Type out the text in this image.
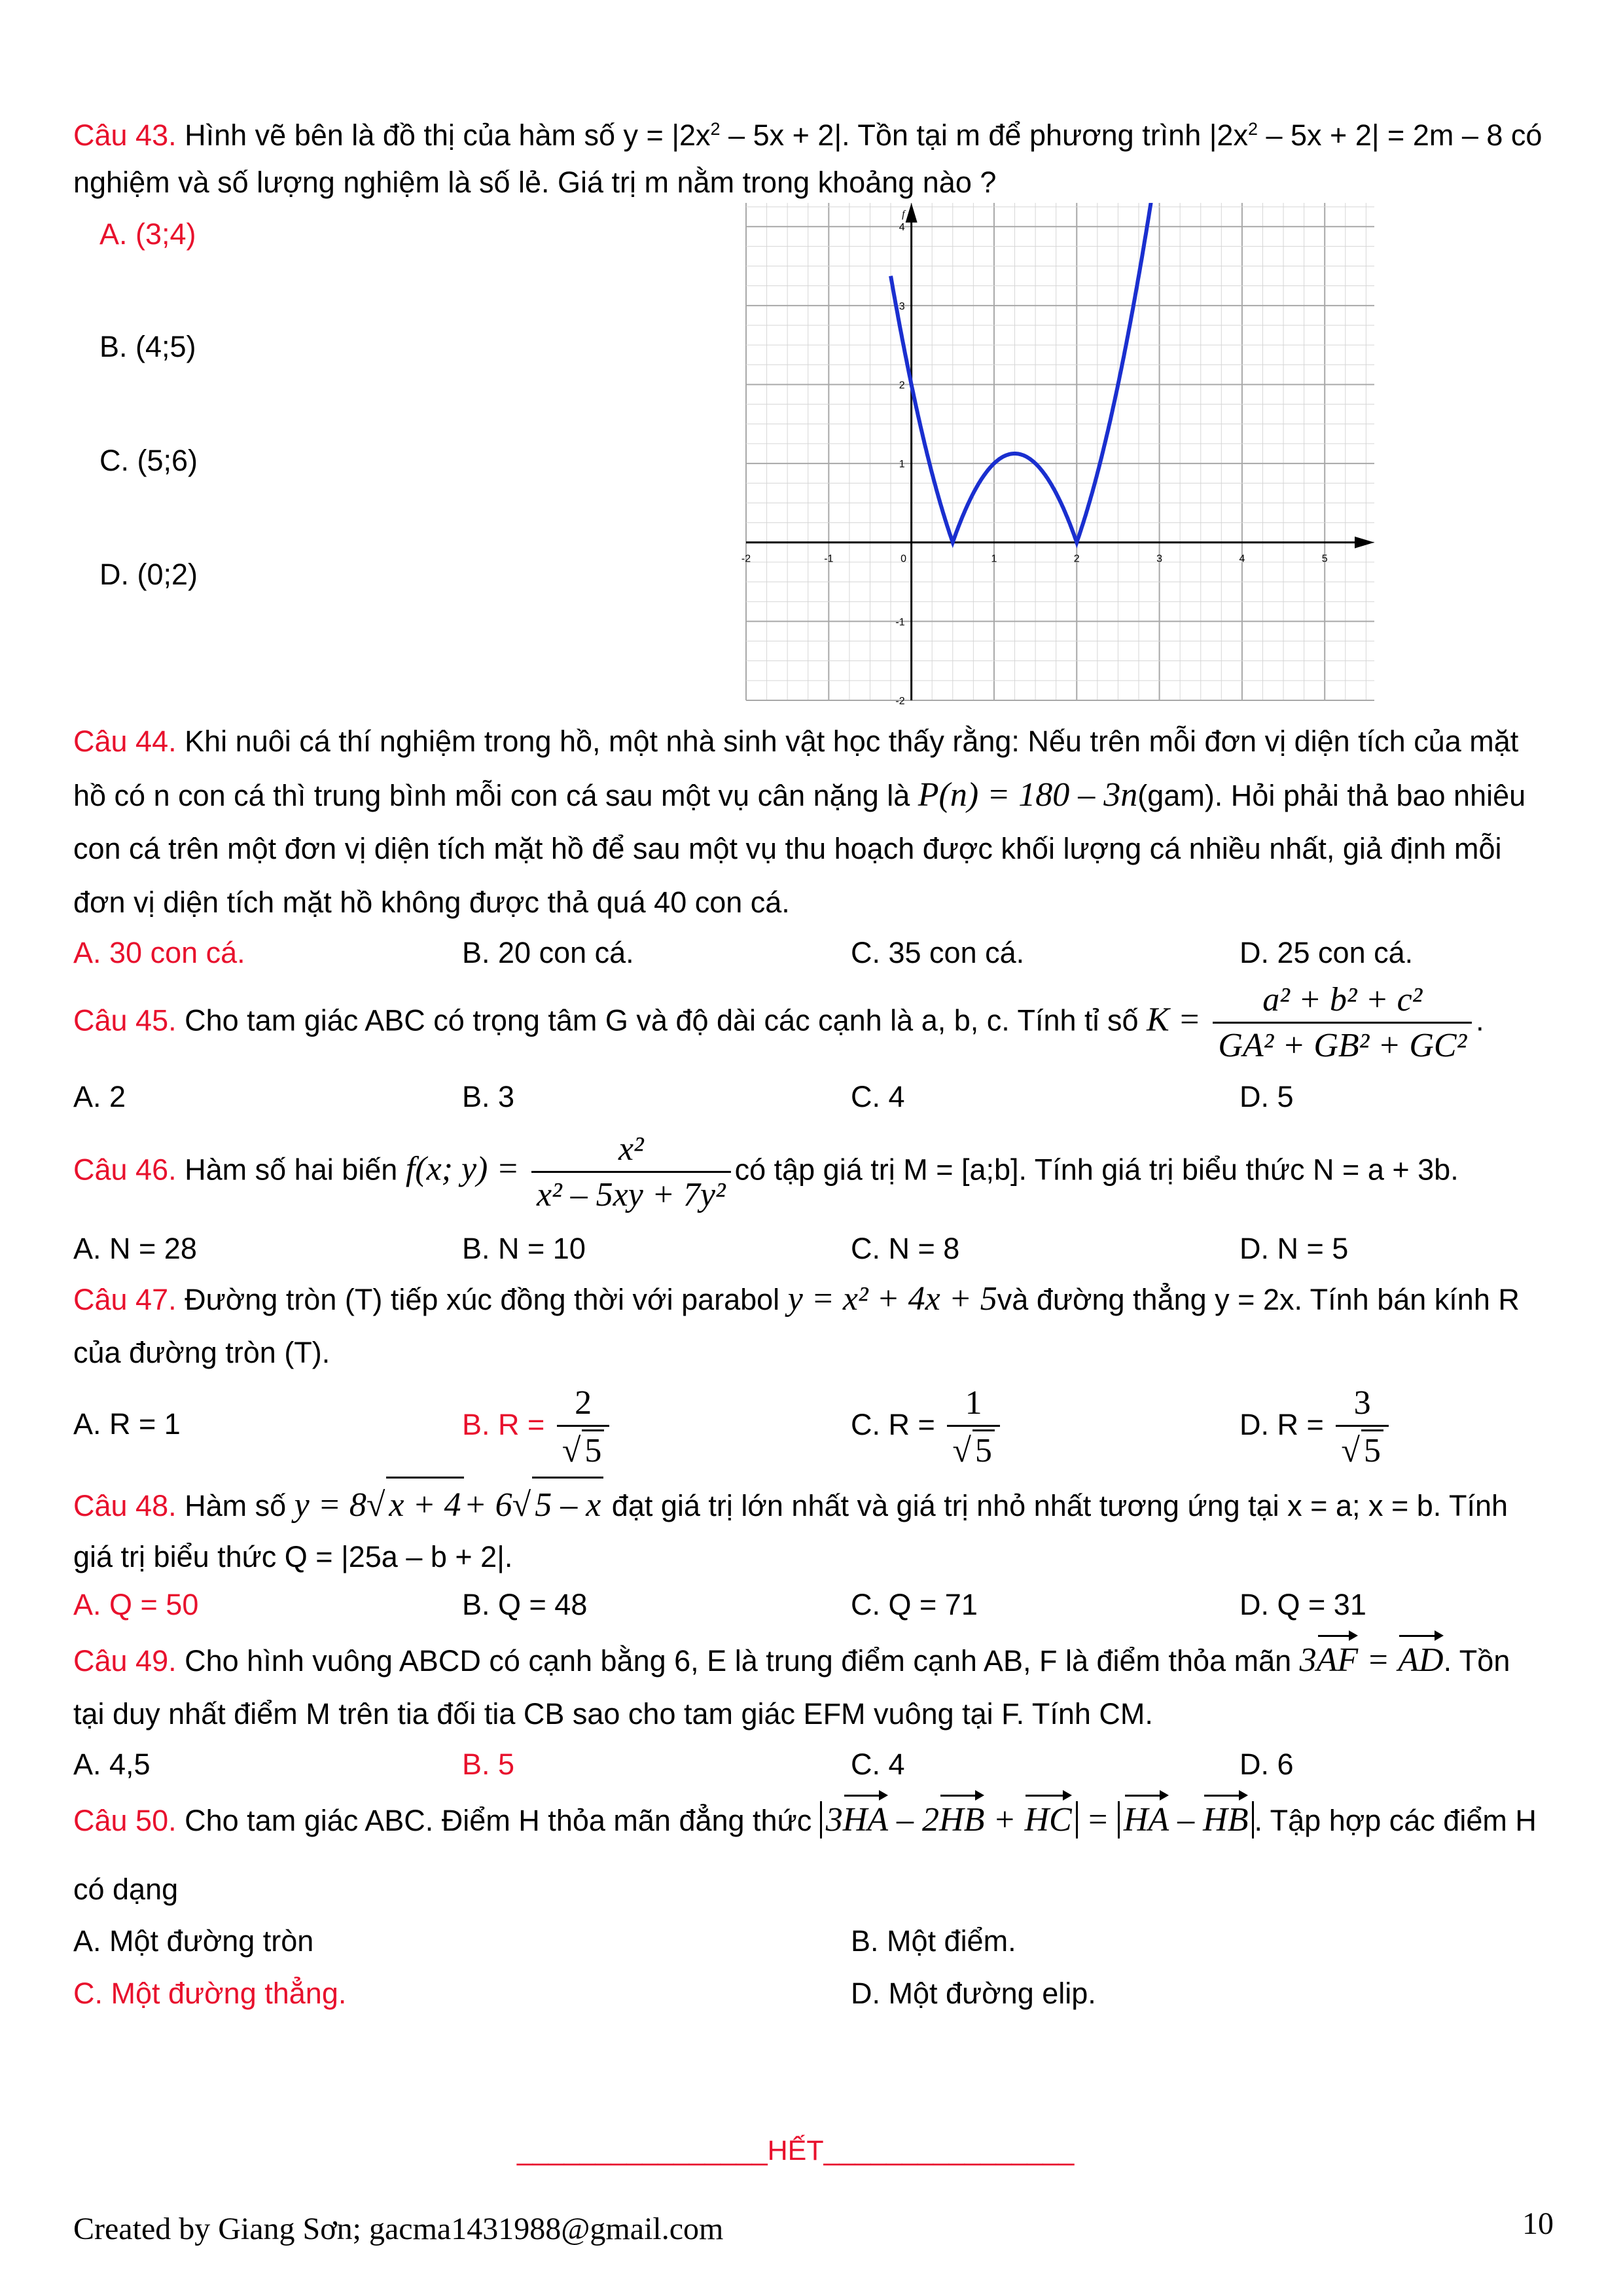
Câu 43. Hình vẽ bên là đồ thị của hàm số $y = |2x^2 - 5x + 2|$. Tồn tại m để phương trình $|2x^2 - 5x + 2| = 2m - 8$ có
nghiệm và số lượng nghiệm là số lẻ. Giá trị m nằm trong khoảng nào ?
A. (3;4)
B. (4;5)
C. (5;6)
D. (0;2)	-2	-1	0	1	2	3	4	5
4
3
2
1
-1
-2
f
Câu 44. Khi nuôi cá thí nghiệm trong hồ, một nhà sinh vật học thấy rằng: Nếu trên mỗi đơn vị diện tích của mặt
hồ có n con cá thì trung bình mỗi con cá sau một vụ cân nặng là P(n) = 180 – 3n(gam). Hỏi phải thả bao nhiêu
con cá trên một đơn vị diện tích mặt hồ để sau một vụ thu hoạch được khối lượng cá nhiều nhất, giả định mỗi
đơn vị diện tích mặt hồ không được thả quá 40 con cá.
A. 30 con cá.	B. 20 con cá.	C. 35 con cá.	D. 25 con cá.
Câu 45. Cho tam giác ABC có trọng tâm G và độ dài các cạnh là a, b, c. Tính tỉ số $K = \frac{\text{a² + b² + c²}}{\text{GA² + GB² + GC²}}$ .
A. 2	B. 3	C. 4	D. 5
Câu 46. Hàm số hai biến f(x; $y) = \frac{\text{x²}}{\text{x² – 5xy + 7y²}}$ có tập giá trị M = [a;b]. Tính giá trị biểu thức N = a + 3b.
A. N = 28	B. N = 10	C. N = 8	D. N = 5
Câu 47. Đường tròn (T) tiếp xúc đồng thời với parabol y = x² + 4x + 5và đường thẳng y = 2x. Tính bán kính R
của đường tròn (T).
A. R = 1	B. $R = \frac{2}{√ 5}$	C. $R = \frac{1}{√ 5}$	D. $R = \frac{3}{√ 5}$
Câu 48. Hàm số y = 8√ x + 4+ 6√ 5 – x đạt giá trị lớn nhất và giá trị nhỏ nhất tương ứng tại x = a; x = b. Tính
giá trị biểu thức Q = |25a – b + 2|.
A. Q = 50	B. Q = 48	C. Q = 71	D. Q = 31
Câu 49. Cho hình vuông ABCD có cạnh bằng 6, E là trung điểm cạnh AB, F là điểm thỏa mãn 3AF = AD. Tồn
tại duy nhất điểm M trên tia đối tia CB sao cho tam giác EFM vuông tại F. Tính CM.
A. 4,5	B. 5	C. 4	D. 6
Câu 50. Cho tam giác ABC. Điểm H thỏa mãn đẳng thức 3HA – 2HB + HC = HA – HB . Tập hợp các điểm H
có dạng
A. Một đường tròn	B. Một điểm.
C. Một đường thẳng.	D. Một đường elip.
________________HẾT________________
Created by Giang Sơn; gacma1431988@gmail.com	10
